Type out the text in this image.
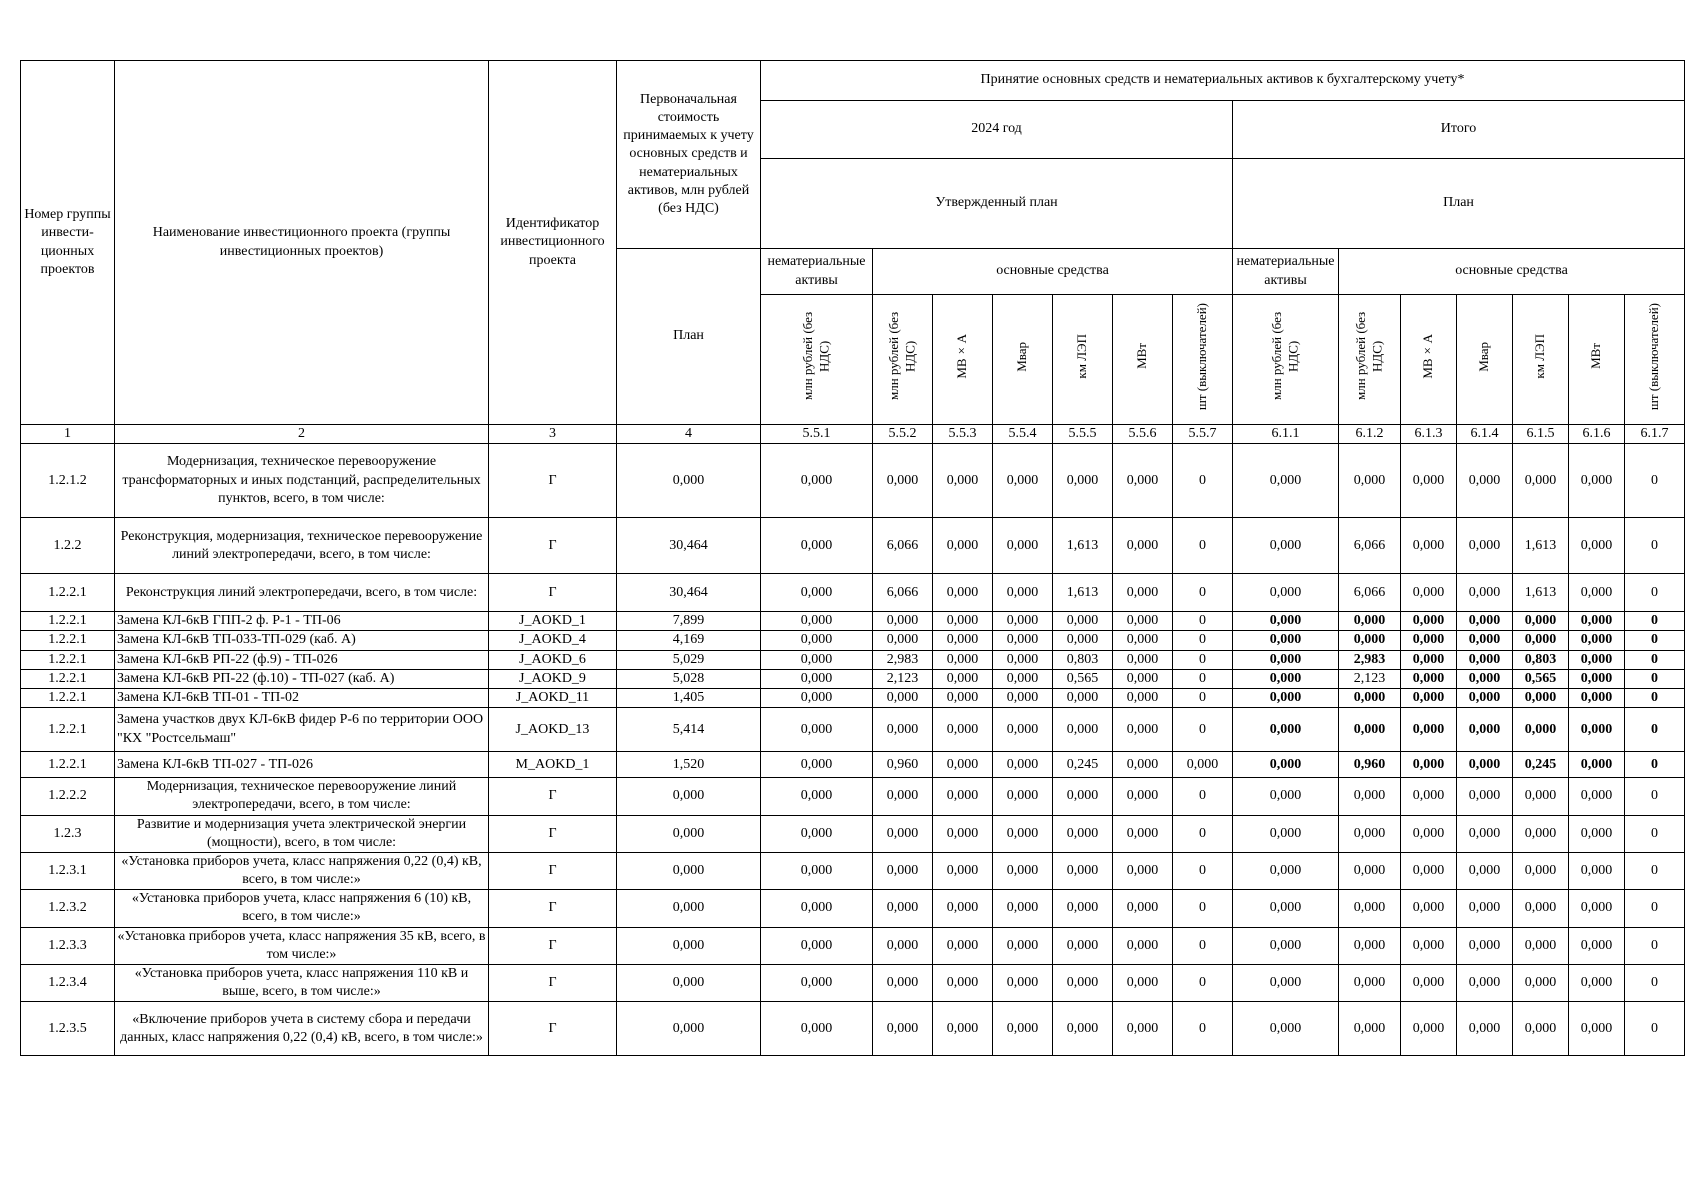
Номер группы инвести-ционных проектов	Наименование инвестиционного проекта (группы инвестиционных проектов)	Идентификатор инвестиционного проекта	Первоначальная стоимость принимаемых к учету основных средств и нематериальных активов, млн рублей (без НДС)	Принятие основных средств и нематериальных активов к бухгалтерскому учету*													
				2024 год							Итого						
				Утвержденный план							План						
			План	нематериальные активы	основные средства						нематериальные активы	основные средства					
				млн рублей (без НДС)	млн рублей (без НДС)	МВ×А	Мвар	км ЛЭП	МВт	шт (выключателей)	млн рублей (без НДС)	млн рублей (без НДС)	МВ×А	Мвар	км ЛЭП	МВт	шт (выключателей)
1	2	3	4	5.5.1	5.5.2	5.5.3	5.5.4	5.5.5	5.5.6	5.5.7	6.1.1	6.1.2	6.1.3	6.1.4	6.1.5	6.1.6	6.1.7
1.2.1.2	Модернизация, техническое перевооружение трансформаторных и иных подстанций, распределительных пунктов, всего, в том числе:	Г	0,000	0,000	0,000	0,000	0,000	0,000	0,000	0	0,000	0,000	0,000	0,000	0,000	0,000	0
1.2.2	Реконструкция, модернизация, техническое перевооружение линий электропередачи, всего, в том числе:	Г	30,464	0,000	6,066	0,000	0,000	1,613	0,000	0	0,000	6,066	0,000	0,000	1,613	0,000	0
1.2.2.1	Реконструкция линий электропередачи, всего, в том числе:	Г	30,464	0,000	6,066	0,000	0,000	1,613	0,000	0	0,000	6,066	0,000	0,000	1,613	0,000	0
1.2.2.1	Замена КЛ-6кВ ГПП-2 ф. Р-1 - ТП-06	J_AOKD_1	7,899	0,000	0,000	0,000	0,000	0,000	0,000	0	0,000	0,000	0,000	0,000	0,000	0,000	0
1.2.2.1	Замена КЛ-6кВ ТП-033-ТП-029 (каб. А)	J_AOKD_4	4,169	0,000	0,000	0,000	0,000	0,000	0,000	0	0,000	0,000	0,000	0,000	0,000	0,000	0
1.2.2.1	Замена КЛ-6кВ РП-22 (ф.9) - ТП-026	J_AOKD_6	5,029	0,000	2,983	0,000	0,000	0,803	0,000	0	0,000	2,983	0,000	0,000	0,803	0,000	0
1.2.2.1	Замена КЛ-6кВ РП-22 (ф.10) - ТП-027 (каб. А)	J_AOKD_9	5,028	0,000	2,123	0,000	0,000	0,565	0,000	0	0,000	2,123	0,000	0,000	0,565	0,000	0
1.2.2.1	Замена КЛ-6кВ ТП-01 - ТП-02	J_AOKD_11	1,405	0,000	0,000	0,000	0,000	0,000	0,000	0	0,000	0,000	0,000	0,000	0,000	0,000	0
1.2.2.1	Замена участков двух КЛ-6кВ фидер Р-6 по территории ООО "КХ "Ростсельмаш"	J_AOKD_13	5,414	0,000	0,000	0,000	0,000	0,000	0,000	0	0,000	0,000	0,000	0,000	0,000	0,000	0
1.2.2.1	Замена КЛ-6кВ ТП-027 - ТП-026	M_AOKD_1	1,520	0,000	0,960	0,000	0,000	0,245	0,000	0,000	0,000	0,960	0,000	0,000	0,245	0,000	0
1.2.2.2	Модернизация, техническое перевооружение линий электропередачи, всего, в том числе:	Г	0,000	0,000	0,000	0,000	0,000	0,000	0,000	0	0,000	0,000	0,000	0,000	0,000	0,000	0
1.2.3	Развитие и модернизация учета электрической энергии (мощности), всего, в том числе:	Г	0,000	0,000	0,000	0,000	0,000	0,000	0,000	0	0,000	0,000	0,000	0,000	0,000	0,000	0
1.2.3.1	«Установка приборов учета, класс напряжения 0,22 (0,4) кВ, всего, в том числе:»	Г	0,000	0,000	0,000	0,000	0,000	0,000	0,000	0	0,000	0,000	0,000	0,000	0,000	0,000	0
1.2.3.2	«Установка приборов учета, класс напряжения 6 (10) кВ, всего, в том числе:»	Г	0,000	0,000	0,000	0,000	0,000	0,000	0,000	0	0,000	0,000	0,000	0,000	0,000	0,000	0
1.2.3.3	«Установка приборов учета, класс напряжения 35 кВ, всего, в том числе:»	Г	0,000	0,000	0,000	0,000	0,000	0,000	0,000	0	0,000	0,000	0,000	0,000	0,000	0,000	0
1.2.3.4	«Установка приборов учета, класс напряжения 110 кВ и выше, всего, в том числе:»	Г	0,000	0,000	0,000	0,000	0,000	0,000	0,000	0	0,000	0,000	0,000	0,000	0,000	0,000	0
1.2.3.5	«Включение приборов учета в систему сбора и передачи данных, класс напряжения 0,22 (0,4) кВ, всего, в том числе:»	Г	0,000	0,000	0,000	0,000	0,000	0,000	0,000	0	0,000	0,000	0,000	0,000	0,000	0,000	0
